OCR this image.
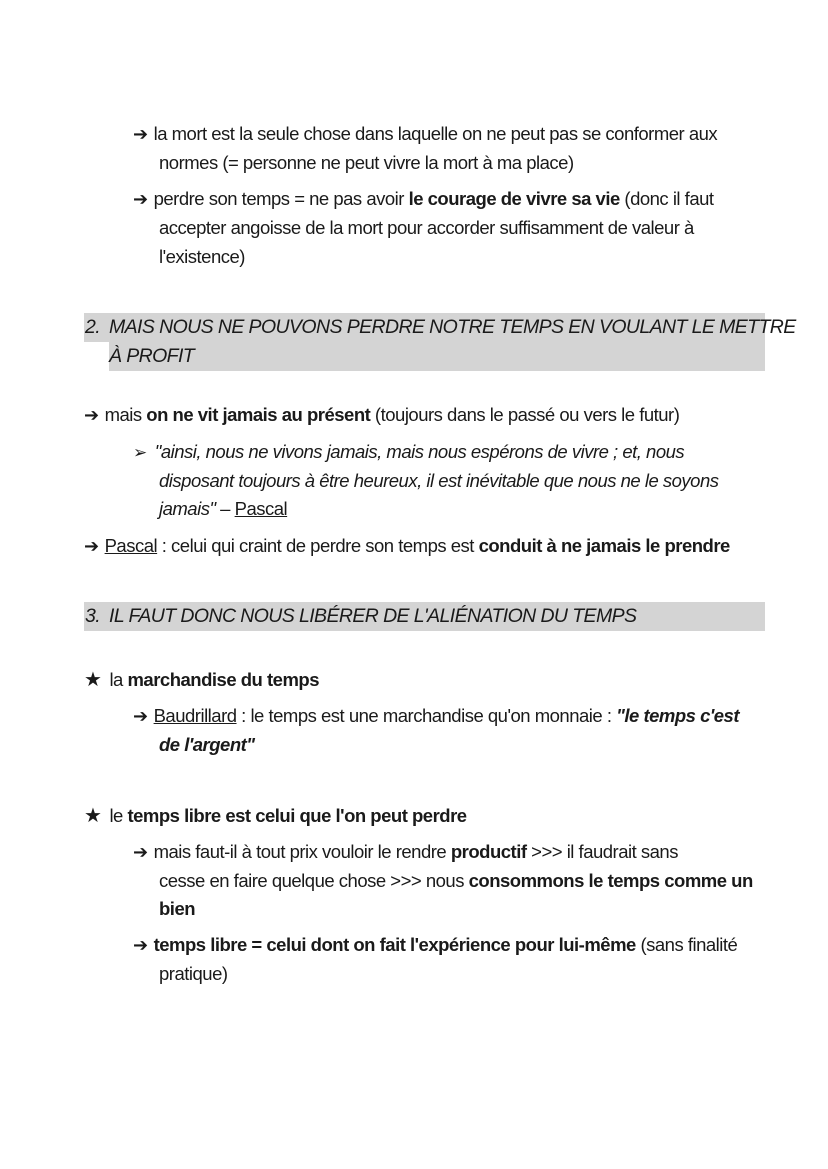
➔ la mort est la seule chose dans laquelle on ne peut pas se conformer aux
normes (= personne ne peut vivre la mort à ma place)
➔ perdre son temps = ne pas avoir le courage de vivre sa vie (donc il faut
accepter angoisse de la mort pour accorder suffisamment de valeur à
l'existence)
2. MAIS NOUS NE POUVONS PERDRE NOTRE TEMPS EN VOULANT LE METTRE
À PROFIT
➔ mais on ne vit jamais au présent (toujours dans le passé ou vers le futur)
➢ "ainsi, nous ne vivons jamais, mais nous espérons de vivre ; et, nous
disposant toujours à être heureux, il est inévitable que nous ne le soyons
jamais" – Pascal
➔ Pascal : celui qui craint de perdre son temps est conduit à ne jamais le prendre
3. IL FAUT DONC NOUS LIBÉRER DE L'ALIÉNATION DU TEMPS
★ la marchandise du temps
➔ Baudrillard : le temps est une marchandise qu'on monnaie : "le temps c'est
de l'argent"
★ le temps libre est celui que l'on peut perdre
➔ mais faut-il à tout prix vouloir le rendre productif >>> il faudrait sans
cesse en faire quelque chose >>> nous consommons le temps comme un
bien
➔ temps libre = celui dont on fait l'expérience pour lui-même (sans finalité
pratique)
